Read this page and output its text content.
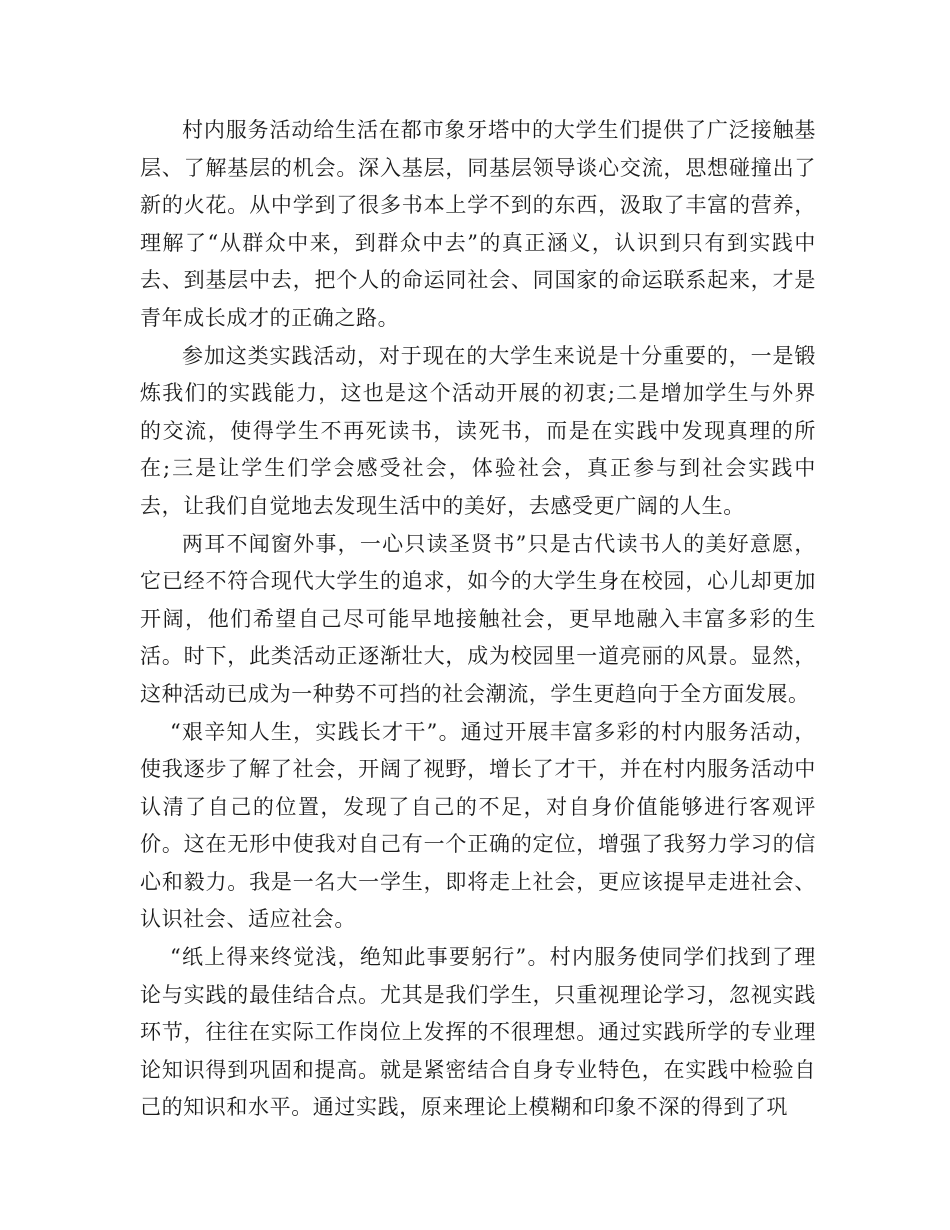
村内服务活动给生活在都市象牙塔中的大学生们提供了广泛接触基层、了解基层的机会。深入基层，同基层领导谈心交流，思想碰撞出了新的火花。从中学到了很多书本上学不到的东西，汲取了丰富的营养，理解了“从群众中来，到群众中去”的真正涵义，认识到只有到实践中去、到基层中去，把个人的命运同社会、同国家的命运联系起来，才是青年成长成才的正确之路。

参加这类实践活动，对于现在的大学生来说是十分重要的，一是锻炼我们的实践能力，这也是这个活动开展的初衷;二是增加学生与外界的交流，使得学生不再死读书，读死书，而是在实践中发现真理的所在;三是让学生们学会感受社会，体验社会，真正参与到社会实践中去，让我们自觉地去发现生活中的美好，去感受更广阔的人生。

两耳不闻窗外事，一心只读圣贤书”只是古代读书人的美好意愿，它已经不符合现代大学生的追求，如今的大学生身在校园，心儿却更加开阔，他们希望自己尽可能早地接触社会，更早地融入丰富多彩的生活。时下，此类活动正逐渐壮大，成为校园里一道亮丽的风景。显然，这种活动已成为一种势不可挡的社会潮流，学生更趋向于全方面发展。

“艰辛知人生，实践长才干”。通过开展丰富多彩的村内服务活动，使我逐步了解了社会，开阔了视野，增长了才干，并在村内服务活动中认清了自己的位置，发现了自己的不足，对自身价值能够进行客观评价。这在无形中使我对自己有一个正确的定位，增强了我努力学习的信心和毅力。我是一名大一学生，即将走上社会，更应该提早走进社会、认识社会、适应社会。

“纸上得来终觉浅，绝知此事要躬行”。村内服务使同学们找到了理论与实践的最佳结合点。尤其是我们学生，只重视理论学习，忽视实践环节，往往在实际工作岗位上发挥的不很理想。通过实践所学的专业理论知识得到巩固和提高。就是紧密结合自身专业特色，在实践中检验自己的知识和水平。通过实践，原来理论上模糊和印象不深的得到了巩
